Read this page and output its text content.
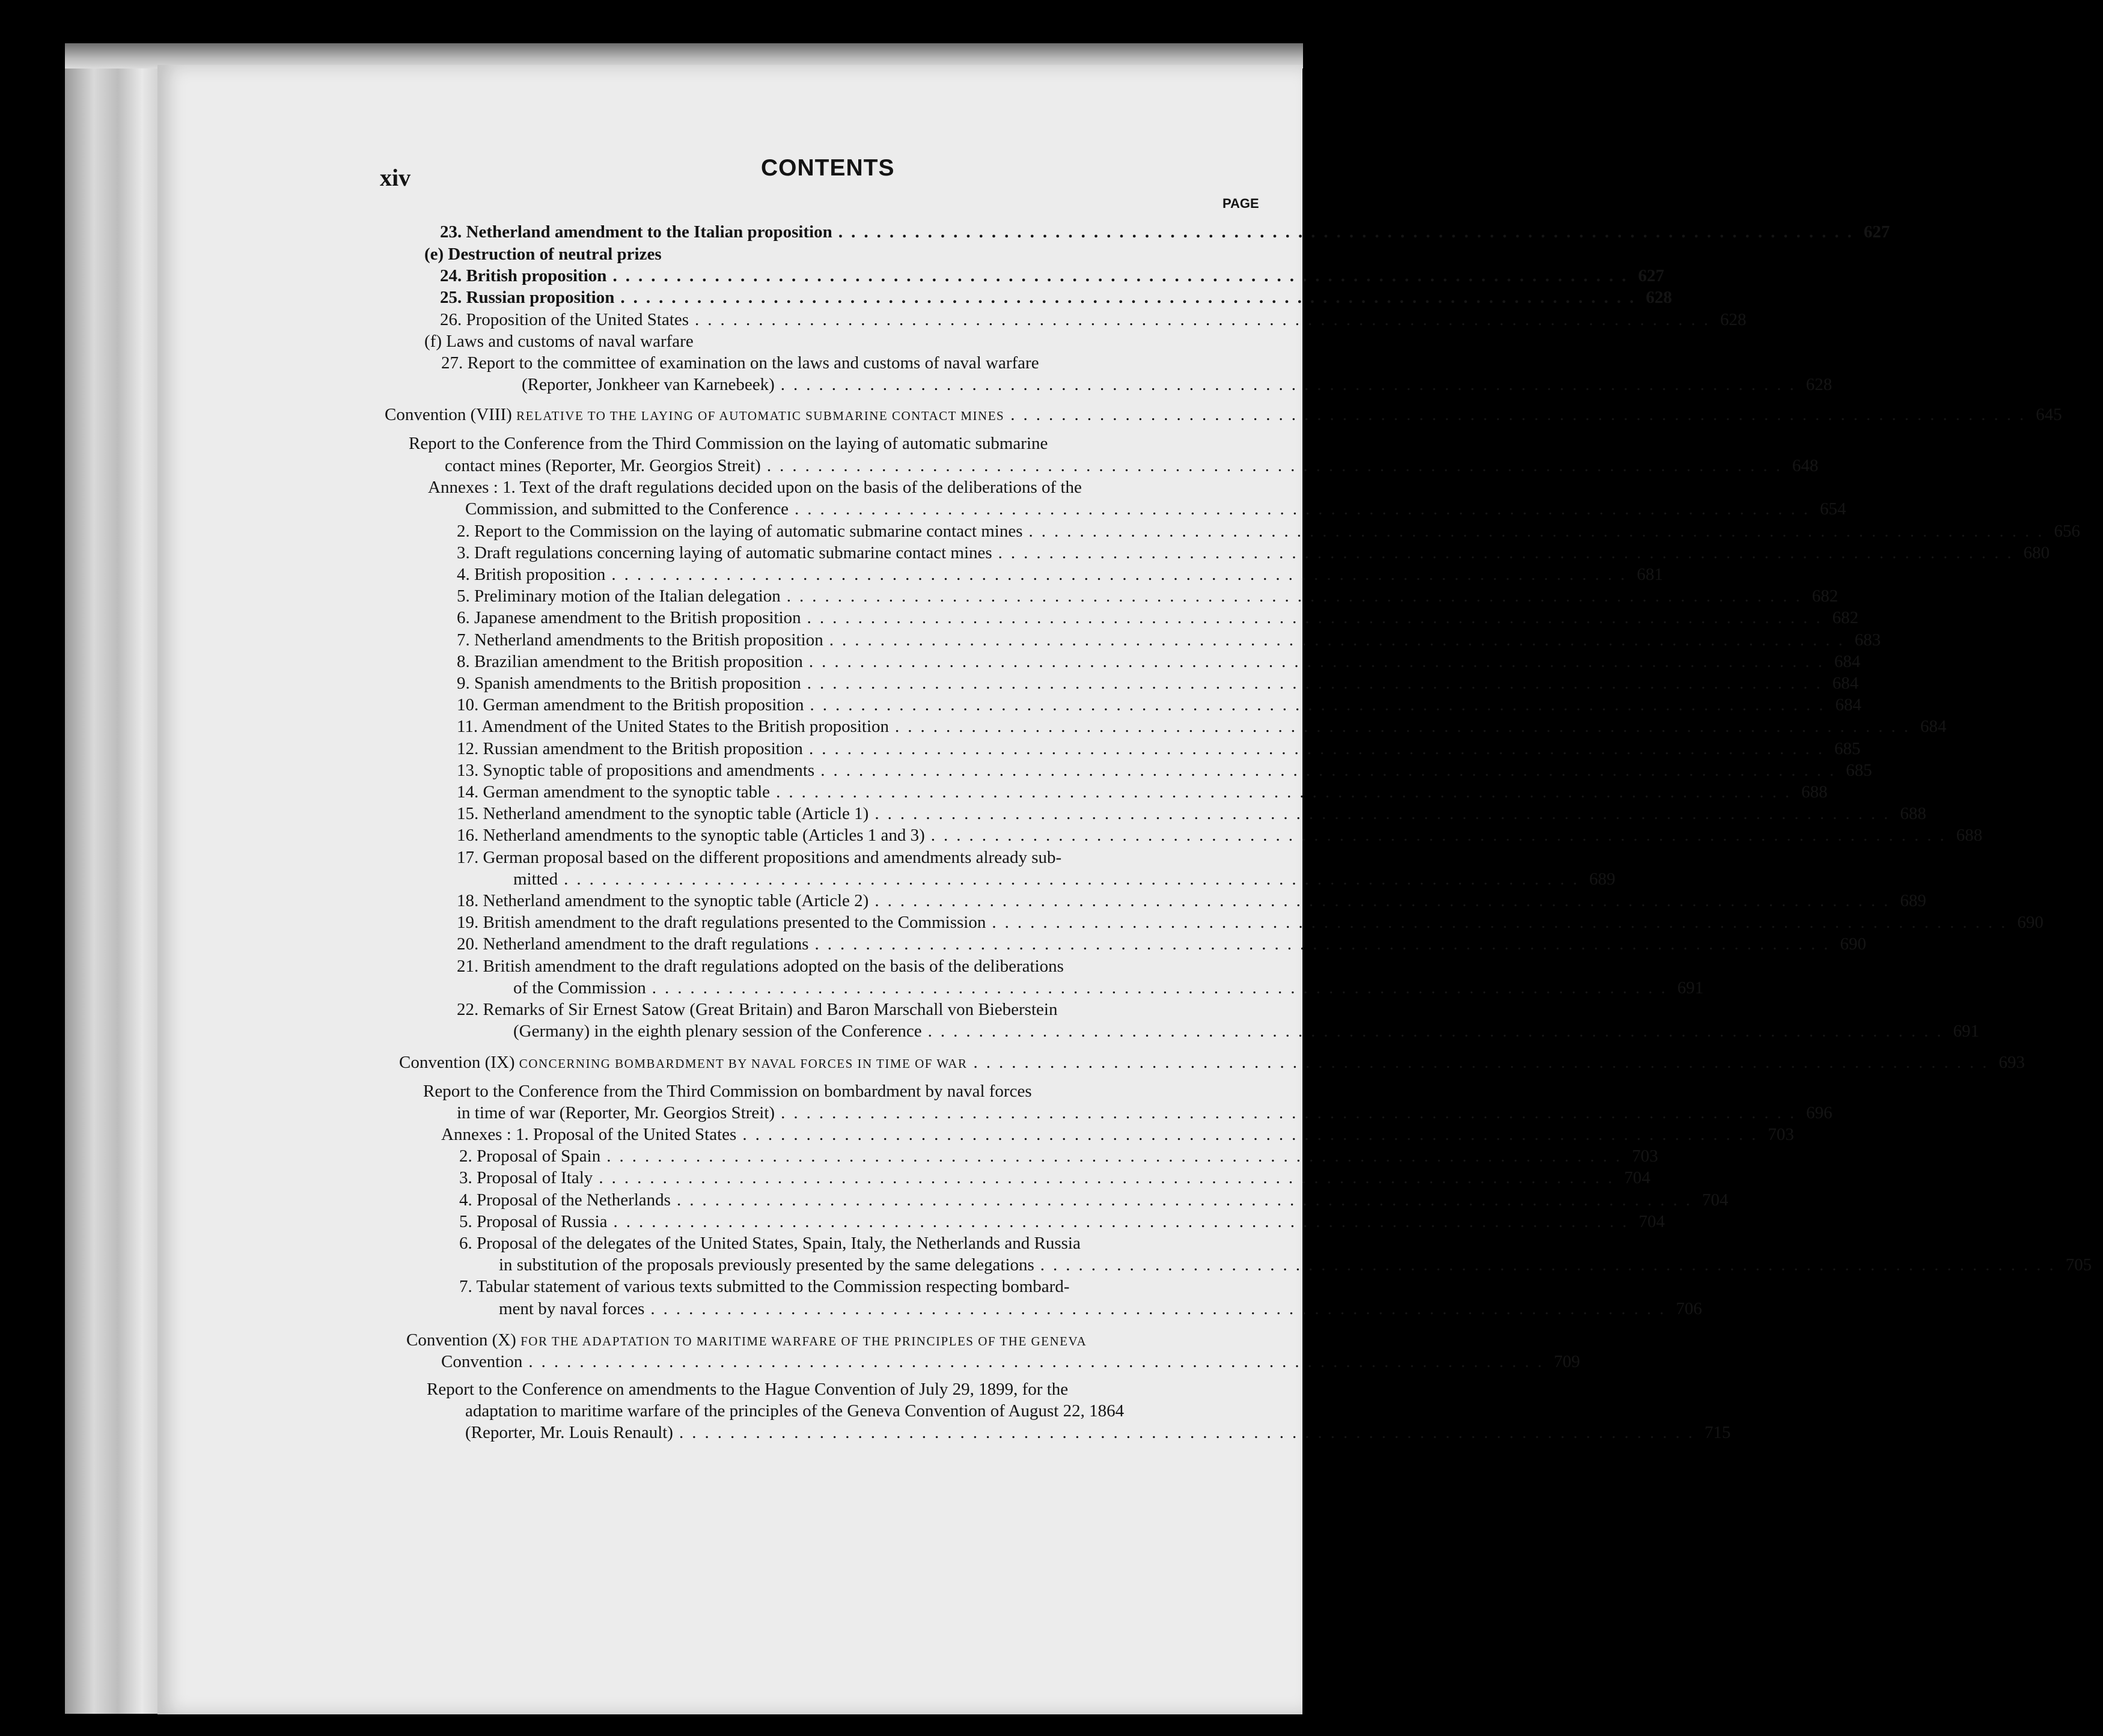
xiv	CONTENTS
PAGE
23. Netherland amendment to the Italian proposition ................................................................................ 627
(e) Destruction of neutral prizes
24. British proposition ................................................................................ 627
25. Russian proposition ................................................................................ 628
26. Proposition of the United States ................................................................................ 628
(f) Laws and customs of naval warfare
27. Report to the committee of examination on the laws and customs of naval warfare
(Reporter, Jonkheer van Karnebeek) ................................................................................ 628
Convention (VIII) RELATIVE TO THE LAYING OF AUTOMATIC SUBMARINE CONTACT MINES ................................................................................ 645
Report to the Conference from the Third Commission on the laying of automatic submarine
contact mines (Reporter, Mr. Georgios Streit) ................................................................................ 648
Annexes : 1. Text of the draft regulations decided upon on the basis of the deliberations of the
Commission, and submitted to the Conference ................................................................................ 654
2. Report to the Commission on the laying of automatic submarine contact mines ................................................................................ 656
3. Draft regulations concerning laying of automatic submarine contact mines ................................................................................ 680
4. British proposition ................................................................................ 681
5. Preliminary motion of the Italian delegation ................................................................................ 682
6. Japanese amendment to the British proposition ................................................................................ 682
7. Netherland amendments to the British proposition ................................................................................ 683
8. Brazilian amendment to the British proposition ................................................................................ 684
9. Spanish amendments to the British proposition ................................................................................ 684
10. German amendment to the British proposition ................................................................................ 684
11. Amendment of the United States to the British proposition ................................................................................ 684
12. Russian amendment to the British proposition ................................................................................ 685
13. Synoptic table of propositions and amendments ................................................................................ 685
14. German amendment to the synoptic table ................................................................................ 688
15. Netherland amendment to the synoptic table (Article 1) ................................................................................ 688
16. Netherland amendments to the synoptic table (Articles 1 and 3) ................................................................................ 688
17. German proposal based on the different propositions and amendments already sub-
mitted ................................................................................ 689
18. Netherland amendment to the synoptic table (Article 2) ................................................................................ 689
19. British amendment to the draft regulations presented to the Commission ................................................................................ 690
20. Netherland amendment to the draft regulations ................................................................................ 690
21. British amendment to the draft regulations adopted on the basis of the deliberations
of the Commission ................................................................................ 691
22. Remarks of Sir Ernest Satow (Great Britain) and Baron Marschall von Bieberstein
(Germany) in the eighth plenary session of the Conference ................................................................................ 691
Convention (IX) CONCERNING BOMBARDMENT BY NAVAL FORCES IN TIME OF WAR ................................................................................ 693
Report to the Conference from the Third Commission on bombardment by naval forces
in time of war (Reporter, Mr. Georgios Streit) ................................................................................ 696
Annexes : 1. Proposal of the United States ................................................................................ 703
2. Proposal of Spain ................................................................................ 703
3. Proposal of Italy ................................................................................ 704
4. Proposal of the Netherlands ................................................................................ 704
5. Proposal of Russia ................................................................................ 704
6. Proposal of the delegates of the United States, Spain, Italy, the Netherlands and Russia
in substitution of the proposals previously presented by the same delegations ................................................................................ 705
7. Tabular statement of various texts submitted to the Commission respecting bombard-
ment by naval forces ................................................................................ 706
Convention (X) FOR THE ADAPTATION TO MARITIME WARFARE OF THE PRINCIPLES OF THE GENEVA
Convention ................................................................................ 709
Report to the Conference on amendments to the Hague Convention of July 29, 1899, for the
adaptation to maritime warfare of the principles of the Geneva Convention of August 22, 1864
(Reporter, Mr. Louis Renault) ................................................................................ 715
